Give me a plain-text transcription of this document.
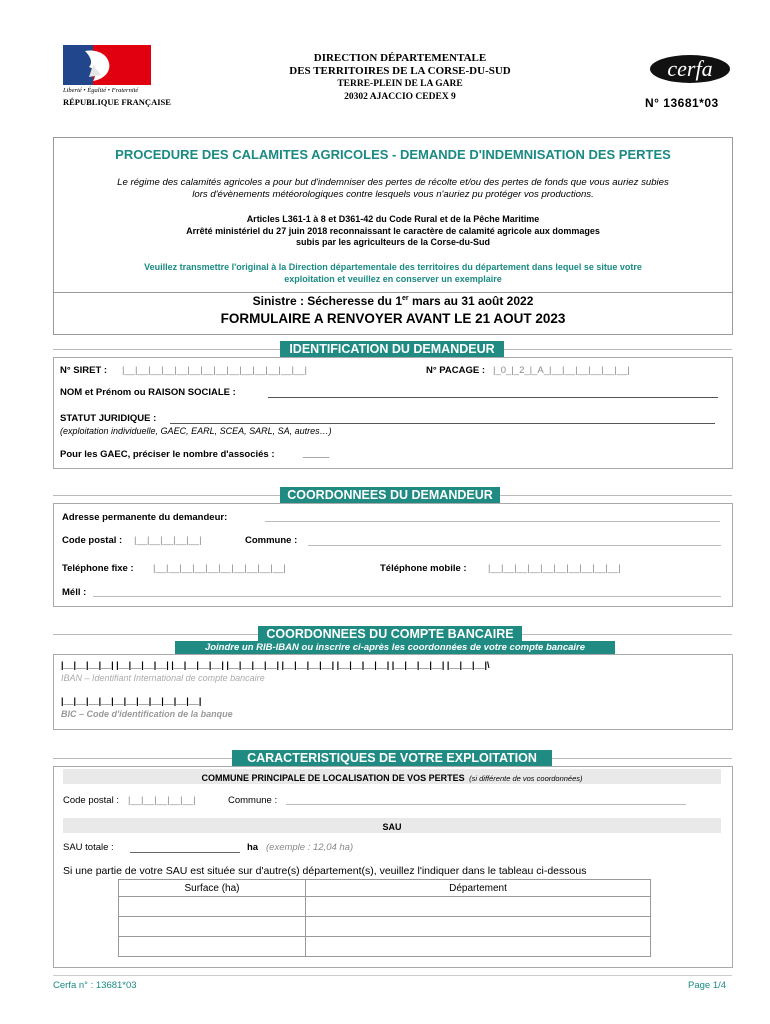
Liberté • Égalité • Fraternité
RÉPUBLIQUE FRANÇAISE
DIRECTION DÉPARTEMENTALE
DES TERRITOIRES DE LA CORSE-DU-SUD
TERRE-PLEIN DE LA GARE
20302 AJACCIO CEDEX 9
cerfa
N° 13681*03
PROCEDURE DES CALAMITES AGRICOLES - DEMANDE D'INDEMNISATION DES PERTES
Le régime des calamités agricoles a pour but d'indemniser des pertes de récolte et/ou des pertes de fonds que vous auriez subies
lors d'évènements météorologiques contre lesquels vous n'auriez pu protéger vos productions.
Articles L361-1 à 8 et D361-42 du Code Rural et de la Pêche Maritime
Arrêté ministériel du 27 juin 2018 reconnaissant le caractère de calamité agricole aux dommages
subis par les agriculteurs de la Corse-du-Sud
Veuillez transmettre l'original à la Direction départementale des territoires du département dans lequel se situe votre
exploitation et veuillez en conserver un exemplaire
Sinistre : Sécheresse du 1er mars au 31 août 2022
FORMULAIRE A RENVOYER AVANT LE 21 AOUT 2023
IDENTIFICATION DU DEMANDEUR
N° SIRET : |__|__|__|__|__|__|__|__|__|__|__|__|__|__|	N° PACAGE : |_0_|_2_|_A_|__|__|__|__|__|__|
NOM et Prénom ou RAISON SOCIALE :
STATUT JURIDIQUE :
(exploitation individuelle, GAEC, EARL, SCEA, SARL, SA, autres…)
Pour les GAEC, préciser le nombre d'associés :	_____
COORDONNEES DU DEMANDEUR
Adresse permanente du demandeur:
Code postal : |__|__|__|__|__|	Commune :
Teléphone fixe : |__|__|__|__|__|__|__|__|__|__|	Téléphone mobile : |__|__|__|__|__|__|__|__|__|__|
Méll :
COORDONNEES DU COMPTE BANCAIRE
Joindre un RIB-IBAN ou inscrire ci-après les coordonnées de votre compte bancaire
|__|__|__|__| |__|__|__|__| |__|__|__|__| |__|__|__|__| |__|__|__|__| |__|__|__|__| |__|__|__|__| |__|__|__|\
IBAN – Identifiant International de compte bancaire
|__|__|__|__|__|__|__|__|__|__|__|
BIC – Code d'identification de la banque
CARACTERISTIQUES DE VOTRE EXPLOITATION
COMMUNE PRINCIPALE DE LOCALISATION DE VOS PERTES (si différente de vos coordonnées)
Code postal : |__|__|__|__|__|	Commune :
SAU
SAU totale :	ha (exemple : 12,04 ha)
Si une partie de votre SAU est située sur d'autre(s) département(s), veuillez l'indiquer dans le tableau ci-dessous
Surface (ha)	Département

Cerfa n° : 13681*03	Page 1/4
